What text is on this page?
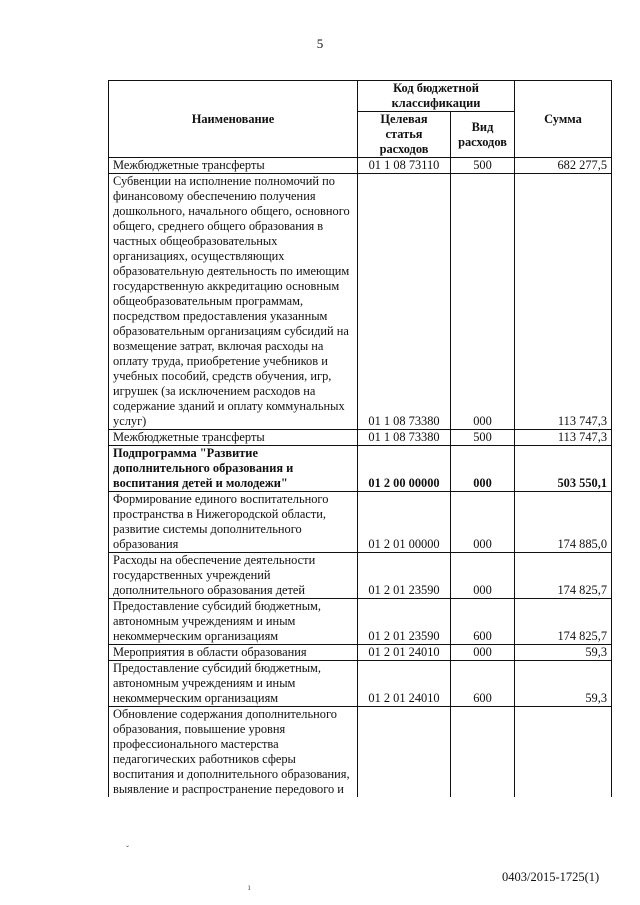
5
Наименование	Код бюджетной классификации		Сумма
	Целевая статья расходов	Вид расходов	
Межбюджетные трансферты	01 1 08 73110	500	682 277,5
Субвенции на исполнение полномочий по финансовому обеспечению получения дошкольного, начального общего, основного общего, среднего общего образования в частных общеобразовательных организациях, осуществляющих образовательную деятельность по имеющим государственную аккредитацию основным общеобразовательным программам, посредством предоставления указанным образовательным организациям субсидий на возмещение затрат, включая расходы на оплату труда, приобретение учебников и учебных пособий, средств обучения, игр, игрушек (за исключением расходов на содержание зданий и оплату коммунальных услуг)	01 1 08 73380	000	113 747,3
Межбюджетные трансферты	01 1 08 73380	500	113 747,3
Подпрограмма "Развитие дополнительного образования и воспитания детей и молодежи"	01 2 00 00000	000	503 550,1
Формирование единого воспитательного пространства в Нижегородской области, развитие системы дополнительного образования	01 2 01 00000	000	174 885,0
Расходы на обеспечение деятельности государственных учреждений дополнительного образования детей	01 2 01 23590	000	174 825,7
Предоставление субсидий бюджетным, автономным учреждениям и иным некоммерческим организациям	01 2 01 23590	600	174 825,7
Мероприятия в области образования	01 2 01 24010	000	59,3
Предоставление субсидий бюджетным, автономным учреждениям и иным некоммерческим организациям	01 2 01 24010	600	59,3
Обновление содержания дополнительного образования, повышение уровня профессионального мастерства педагогических работников сферы воспитания и дополнительного образования, выявление и распространение передового и			
ˇ
ı
0403/2015-1725(1)
